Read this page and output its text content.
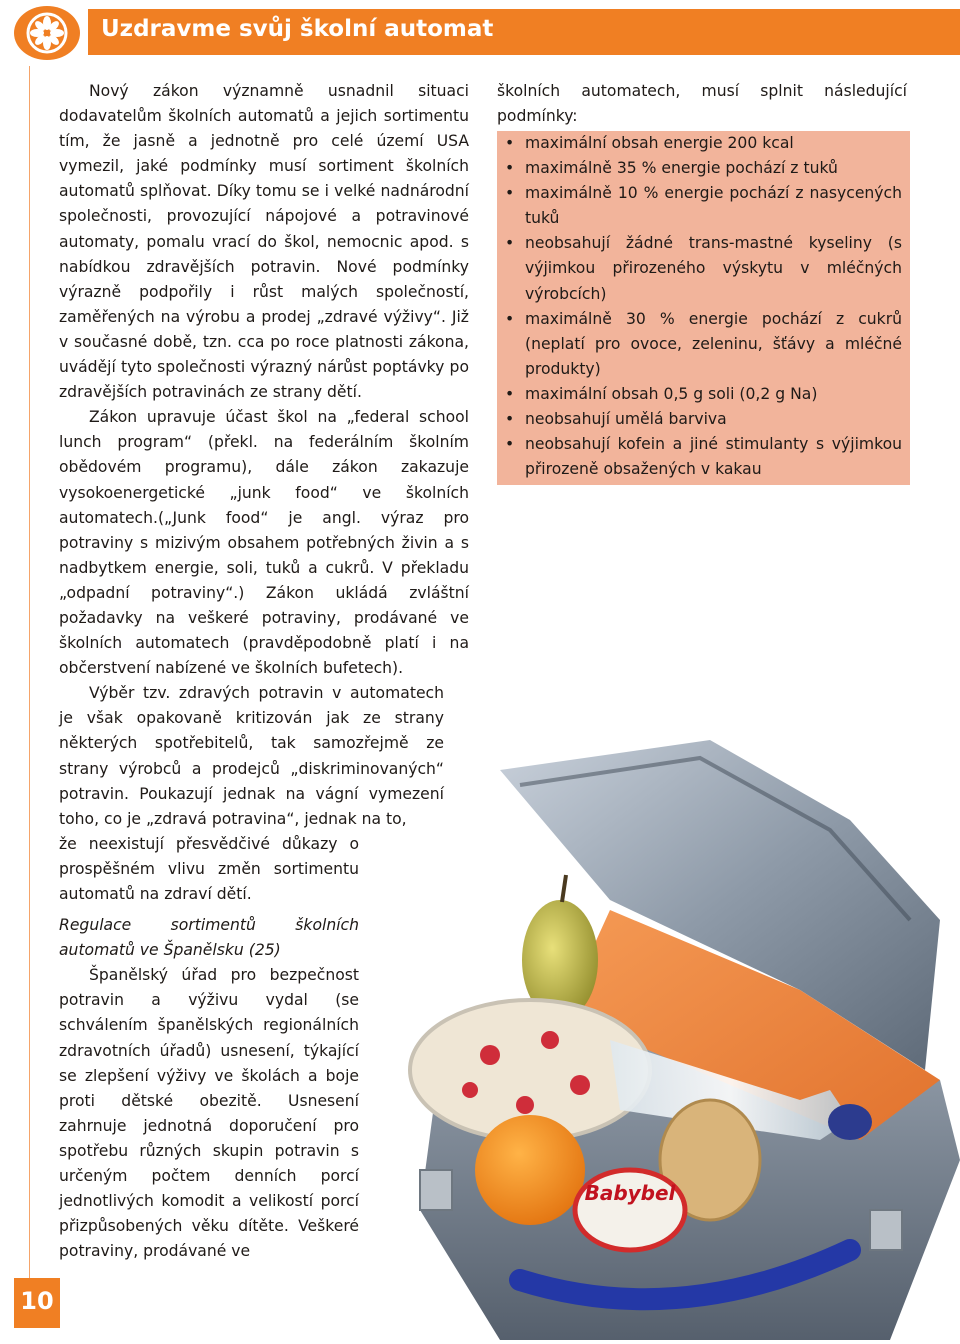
Uzdravme svůj školní automat
10

Nový zákon významně usnadnil situaci dodavatelům školních automatů a jejich sortimentu tím, že jasně a jednotně pro celé území USA vymezil, jaké podmínky musí sortiment školních automatů splňovat. Díky tomu se i velké nadnárodní společnosti, provozující nápojové a potravinové automaty, pomalu vrací do škol, nemocnic apod. s nabídkou zdravějších potravin. Nové podmínky výrazně podpořily i růst malých společností, zaměřených na výrobu a prodej „zdravé výživy“. Již v současné době, tzn. cca po roce platnosti zákona, uvádějí tyto společnosti výrazný nárůst poptávky po zdravějších potravinách ze strany dětí.

Zákon upravuje účast škol na „federal school lunch program“ (překl. na federálním školním obědovém programu), dále zákon zakazuje vysokoenergetické „junk food“ ve školních automatech.(„Junk food“ je angl. výraz pro potraviny s mizivým obsahem potřebných živin a s nadbytkem energie, soli, tuků a cukrů. V překladu „odpadní potraviny“.) Zákon ukládá zvláštní požadavky na veškeré potraviny, prodávané ve školních automatech (pravděpodobně platí i na občerstvení nabízené ve školních bufetech).

Výběr tzv. zdravých potravin v automatech je však opakovaně kritizován jak ze strany některých spotřebitelů, tak samozřejmě ze strany výrobců a prodejců „diskriminovaných“ potravin. Poukazují jednak na vágní vymezení toho, co je „zdravá potravina“, jednak na to,

že neexistují přesvědčivé důkazy o prospěšném vlivu změn sortimentu automatů na zdraví dětí.

Regulace sortimentů školních automatů ve Španělsku (25)

Španělský úřad pro bezpečnost potravin a výživu vydal (se schválením španělských regionálních zdravotních úřadů) usnesení, týkající se zlepšení výživy ve školách a boje proti dětské obezitě. Usnesení zahrnuje jednotná doporučení pro spotřebu různých skupin potravin s určeným počtem denních porcí jednotlivých komodit a velikostí porcí přizpůsobených věku dítěte. Veškeré potraviny, prodávané ve

školních automatech, musí splnit následující podmínky:

• maximální obsah energie 200 kcal
• maximálně 35 % energie pochází z tuků
• maximálně 10 % energie pochází z nasycených tuků
• neobsahují žádné trans-mastné kyseliny (s výjimkou přirozeného výskytu v mléčných výrobcích)
• maximálně 30 % energie pochází z cukrů (neplatí pro ovoce, zeleninu, šťávy a mléčné produkty)
• maximální obsah 0,5 g soli (0,2 g Na)
• neobsahují umělá barviva
• neobsahují kofein a jiné stimulanty s výjimkou přirozeně obsažených v kakau
Babybel
